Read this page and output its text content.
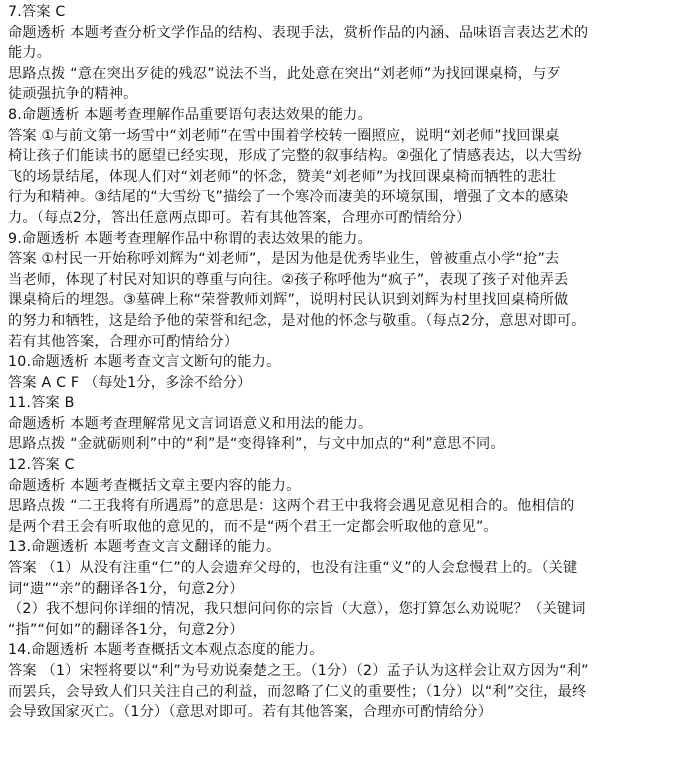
7.答案 C
命题透析 本题考查分析文学作品的结构、表现手法，赏析作品的内涵、品味语言表达艺术的
能力。
思路点拨 “意在突出歹徒的残忍”说法不当，此处意在突出“刘老师”为找回课桌椅，与歹
徒顽强抗争的精神。
8.命题透析 本题考查理解作品重要语句表达效果的能力。
答案 ①与前文第一场雪中“刘老师”在雪中围着学校转一圈照应，说明“刘老师”找回课桌
椅让孩子们能读书的愿望已经实现，形成了完整的叙事结构。②强化了情感表达，以大雪纷
飞的场景结尾，体现人们对“刘老师”的怀念，赞美“刘老师”为找回课桌椅而牺牲的悲壮
行为和精神。③结尾的“大雪纷飞”描绘了一个寒冷而凄美的环境氛围，增强了文本的感染
力。（每点2分，答出任意两点即可。若有其他答案，合理亦可酌情给分）
9.命题透析 本题考查理解作品中称谓的表达效果的能力。
答案 ①村民一开始称呼刘辉为“刘老师”，是因为他是优秀毕业生，曾被重点小学“抢”去
当老师，体现了村民对知识的尊重与向往。②孩子称呼他为“疯子”，表现了孩子对他弄丢
课桌椅后的埋怨。③墓碑上称“荣誉教师刘辉”，说明村民认识到刘辉为村里找回桌椅所做
的努力和牺牲，这是给予他的荣誉和纪念，是对他的怀念与敬重。（每点2分，意思对即可。
若有其他答案，合理亦可酌情给分）
10.命题透析 本题考查文言文断句的能力。
答案 A C F （每处1分，多涂不给分）
11.答案 B
命题透析 本题考查理解常见文言词语意义和用法的能力。
思路点拨 “金就砺则利”中的“利”是“变得锋利”，与文中加点的“利”意思不同。
12.答案 C
命题透析 本题考查概括文章主要内容的能力。
思路点拨 “二王我将有所遇焉”的意思是：这两个君王中我将会遇见意见相合的。他相信的
是两个君王会有听取他的意见的，而不是“两个君王一定都会听取他的意见”。
13.命题透析 本题考查文言文翻译的能力。
答案 （1）从没有注重“仁”的人会遗弃父母的，也没有注重“义”的人会怠慢君上的。（关键
词“遗”“亲”的翻译各1分，句意2分）
（2）我不想问你详细的情况，我只想问问你的宗旨（大意），您打算怎么劝说呢？（关键词
“指”“何如”的翻译各1分，句意2分）
14.命题透析 本题考查概括文本观点态度的能力。
答案 （1）宋牼将要以“利”为号劝说秦楚之王。（1分）（2）孟子认为这样会让双方因为“利”
而罢兵，会导致人们只关注自己的利益，而忽略了仁义的重要性；（1分）以“利”交往，最终
会导致国家灭亡。（1分）（意思对即可。若有其他答案，合理亦可酌情给分）
